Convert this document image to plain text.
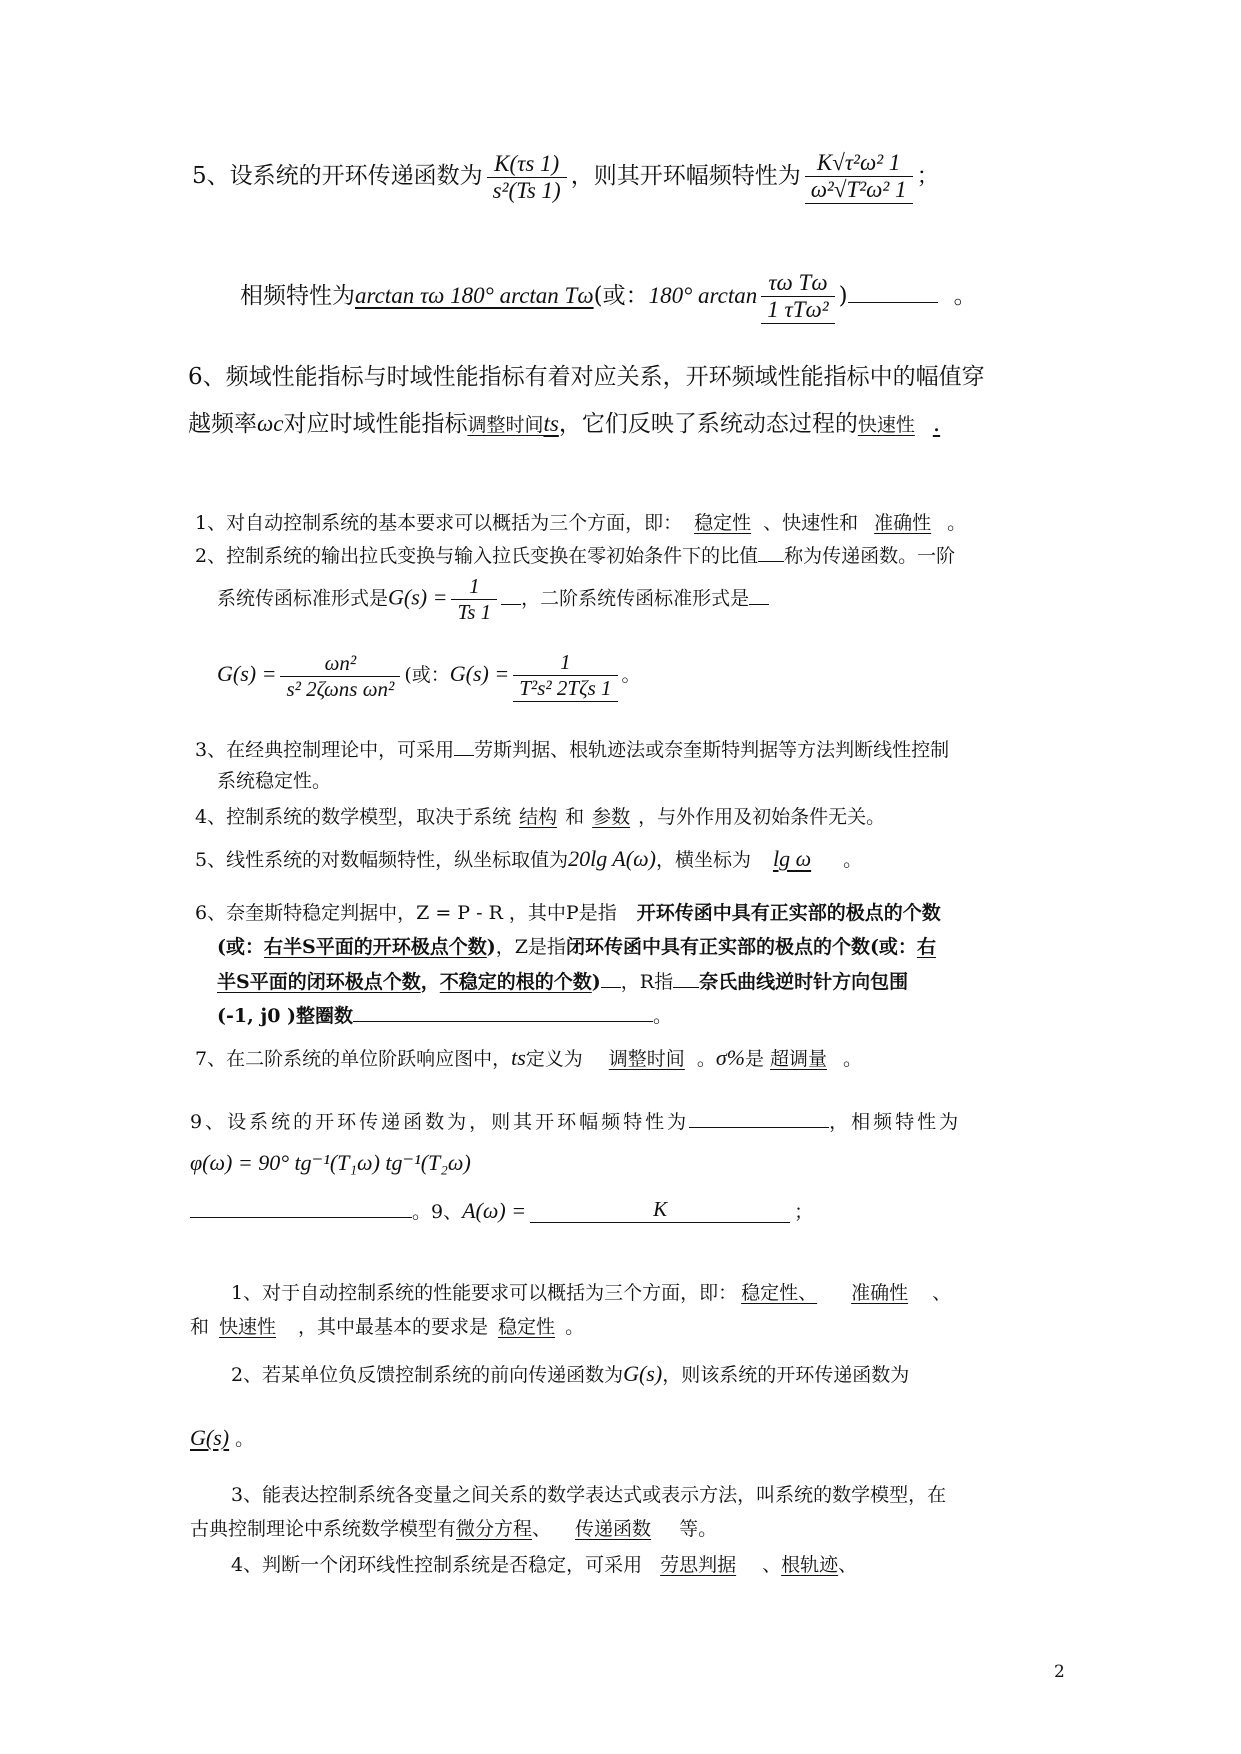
5、设系统的开环传递函数为 $\frac{K(\tau s 1)}{\text{s²(Ts 1)}}$ ，则其开环幅频特性为 $\frac{\text{K√τ²ω² 1}}{\text{ω²√T²ω² 1}}$ ；
相频特性为arctan τω 180° arctan Tω(或：180° $\arctan \frac{\text{τω Tω}}{\text{1 τTω²}}$ )	。
6、频域性能指标与时域性能指标有着对应关系，开环频域性能指标中的幅值穿
越频率ωc对应时域性能指标调整时间ts，它们反映了系统动态过程的快速性 .
1、对自动控制系统的基本要求可以概括为三个方面，即： 稳定性 、快速性和 准确性 。
2、控制系统的输出拉氏变换与输入拉氏变换在零初始条件下的比值 称为传递函数。一阶
系统传函标准形式是$G(s) = \frac{1}{Ts 1}$ ，二阶系统传函标准形式是
$G(s) = \frac{\text{ωn²}}{\text{s² 2ζωns ωn²}}$ (或：$G(s) = \frac{1}{\text{T²s² 2Tζs 1}}$ 。
3、在经典控制理论中，可采用 劳斯判据、根轨迹法或奈奎斯特判据等方法判断线性控制
系统稳定性。
4、控制系统的数学模型，取决于系统 结构 和 参数 ，与外作用及初始条件无关。
5、线性系统的对数幅频特性，纵坐标取值为20lg A(ω)，横坐标为 lg ω 。
6、奈奎斯特稳定判据中，Z = P - R ，其中P是指 开环传函中具有正实部的极点的个数
(或：右半S平面的开环极点个数)，Z是指闭环传函中具有正实部的极点的个数(或：右
半S平面的闭环极点个数，不稳定的根的个数) ，R指 奈氏曲线逆时针方向包围
(-1, j0 )整圈数	。
7、在二阶系统的单位阶跃响应图中，ts定义为 调整时间 。σ%是 超调量 。
9、设系统的开环传递函数为，则其开环幅频特性为	，相频特性为
φ(ω) = 90° tg⁻¹(T₁ω) tg⁻¹(T₂ω)
。9、A(ω) =	K	；
1、对于自动控制系统的性能要求可以概括为三个方面，即： 稳定性、 准确性 、
和 快速性 ，其中最基本的要求是 稳定性 。
2、若某单位负反馈控制系统的前向传递函数为G(s)，则该系统的开环传递函数为
G(s) 。
3、能表达控制系统各变量之间关系的数学表达式或表示方法，叫系统的数学模型，在
古典控制理论中系统数学模型有微分方程、 传递函数 等。
4、判断一个闭环线性控制系统是否稳定，可采用 劳思判据 、根轨迹、
2
